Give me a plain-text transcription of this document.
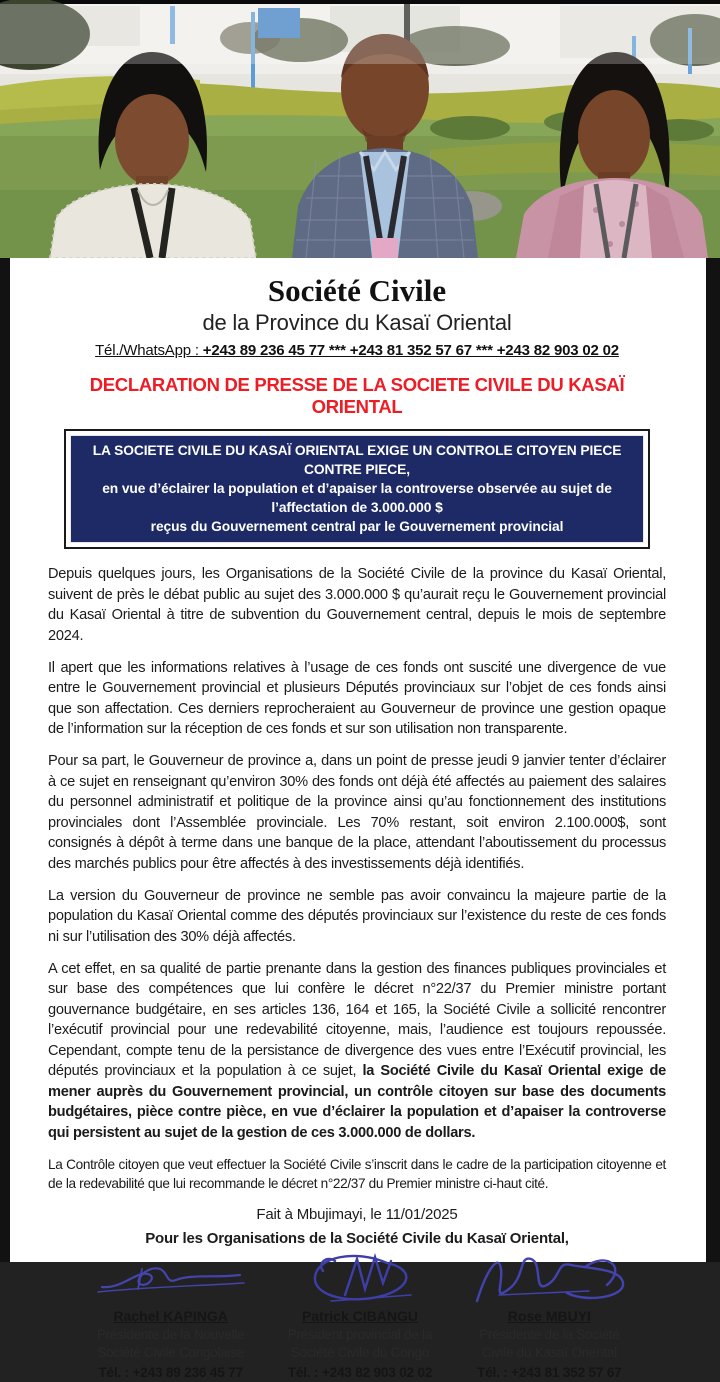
Société Civile
de la Province du Kasaï Oriental
Tél./WhatsApp : +243 89 236 45 77 *** +243 81 352 57 67 *** +243 82 903 02 02
DECLARATION DE PRESSE DE LA SOCIETE CIVILE DU KASAÏ ORIENTAL
LA SOCIETE CIVILE DU KASAÏ ORIENTAL EXIGE UN CONTROLE CITOYEN PIECE CONTRE PIECE,
en vue d’éclairer la population et d’apaiser la controverse observée au sujet de l’affectation de 3.000.000 $
reçus du Gouvernement central par le Gouvernement provincial

Depuis quelques jours, les Organisations de la Société Civile de la province du Kasaï Oriental, suivent de près le débat public au sujet des 3.000.000 $ qu’aurait reçu le Gouvernement provincial du Kasaï Oriental à titre de subvention du Gouvernement central, depuis le mois de septembre 2024.

Il apert que les informations relatives à l’usage de ces fonds ont suscité une divergence de vue entre le Gouvernement provincial et plusieurs Députés provinciaux sur l’objet de ces fonds ainsi que son affectation. Ces derniers reprocheraient au Gouverneur de province une gestion opaque de l’information sur la réception de ces fonds et sur son utilisation non transparente.

Pour sa part, le Gouverneur de province a, dans un point de presse jeudi 9 janvier tenter d’éclairer à ce sujet en renseignant qu’environ 30% des fonds ont déjà été affectés au paiement des salaires du personnel administratif et politique de la province ainsi qu’au fonctionnement des institutions provinciales dont l’Assemblée provinciale. Les 70% restant, soit environ 2.100.000$, sont consignés à dépôt à terme dans une banque de la place, attendant l’aboutissement du processus des marchés publics pour être affectés à des investissements déjà identifiés.

La version du Gouverneur de province ne semble pas avoir convaincu la majeure partie de la population du Kasaï Oriental comme des députés provinciaux sur l’existence du reste de ces fonds ni sur l’utilisation des 30% déjà affectés.

A cet effet, en sa qualité de partie prenante dans la gestion des finances publiques provinciales et sur base des compétences que lui confère le décret n°22/37 du Premier ministre portant gouvernance budgétaire, en ses articles 136, 164 et 165, la Société Civile a sollicité rencontrer l’exécutif provincial pour une redevabilité citoyenne, mais, l’audience est toujours repoussée. Cependant, compte tenu de la persistance de divergence des vues entre l’Exécutif provincial, les députés provinciaux et la population à ce sujet, la Société Civile du Kasaï Oriental exige de mener auprès du Gouvernement provincial, un contrôle citoyen sur base des documents budgétaires, pièce contre pièce, en vue d’éclairer la population et d’apaiser la controverse qui persistent au sujet de la gestion de ces 3.000.000 de dollars.

La Contrôle citoyen que veut effectuer la Société Civile s’inscrit dans le cadre de la participation citoyenne et de la redevabilité que lui recommande le décret n°22/37 du Premier ministre ci-haut cité.

Fait à Mbujimayi, le 11/01/2025
Pour les Organisations de la Société Civile du Kasaï Oriental,
Rachel KAPINGA
Présidente de la Nouvelle
Société Civile Congolaise
Tél. : +243 89 236 45 77
Patrick CIBANGU
Président provincial de la
Société Civile du Congo
Tél. : +243 82 903 02 02
Rose MBUYI
Présidente de la Société
Civile du Kasaï Oriental
Tél. : +243 81 352 57 67
